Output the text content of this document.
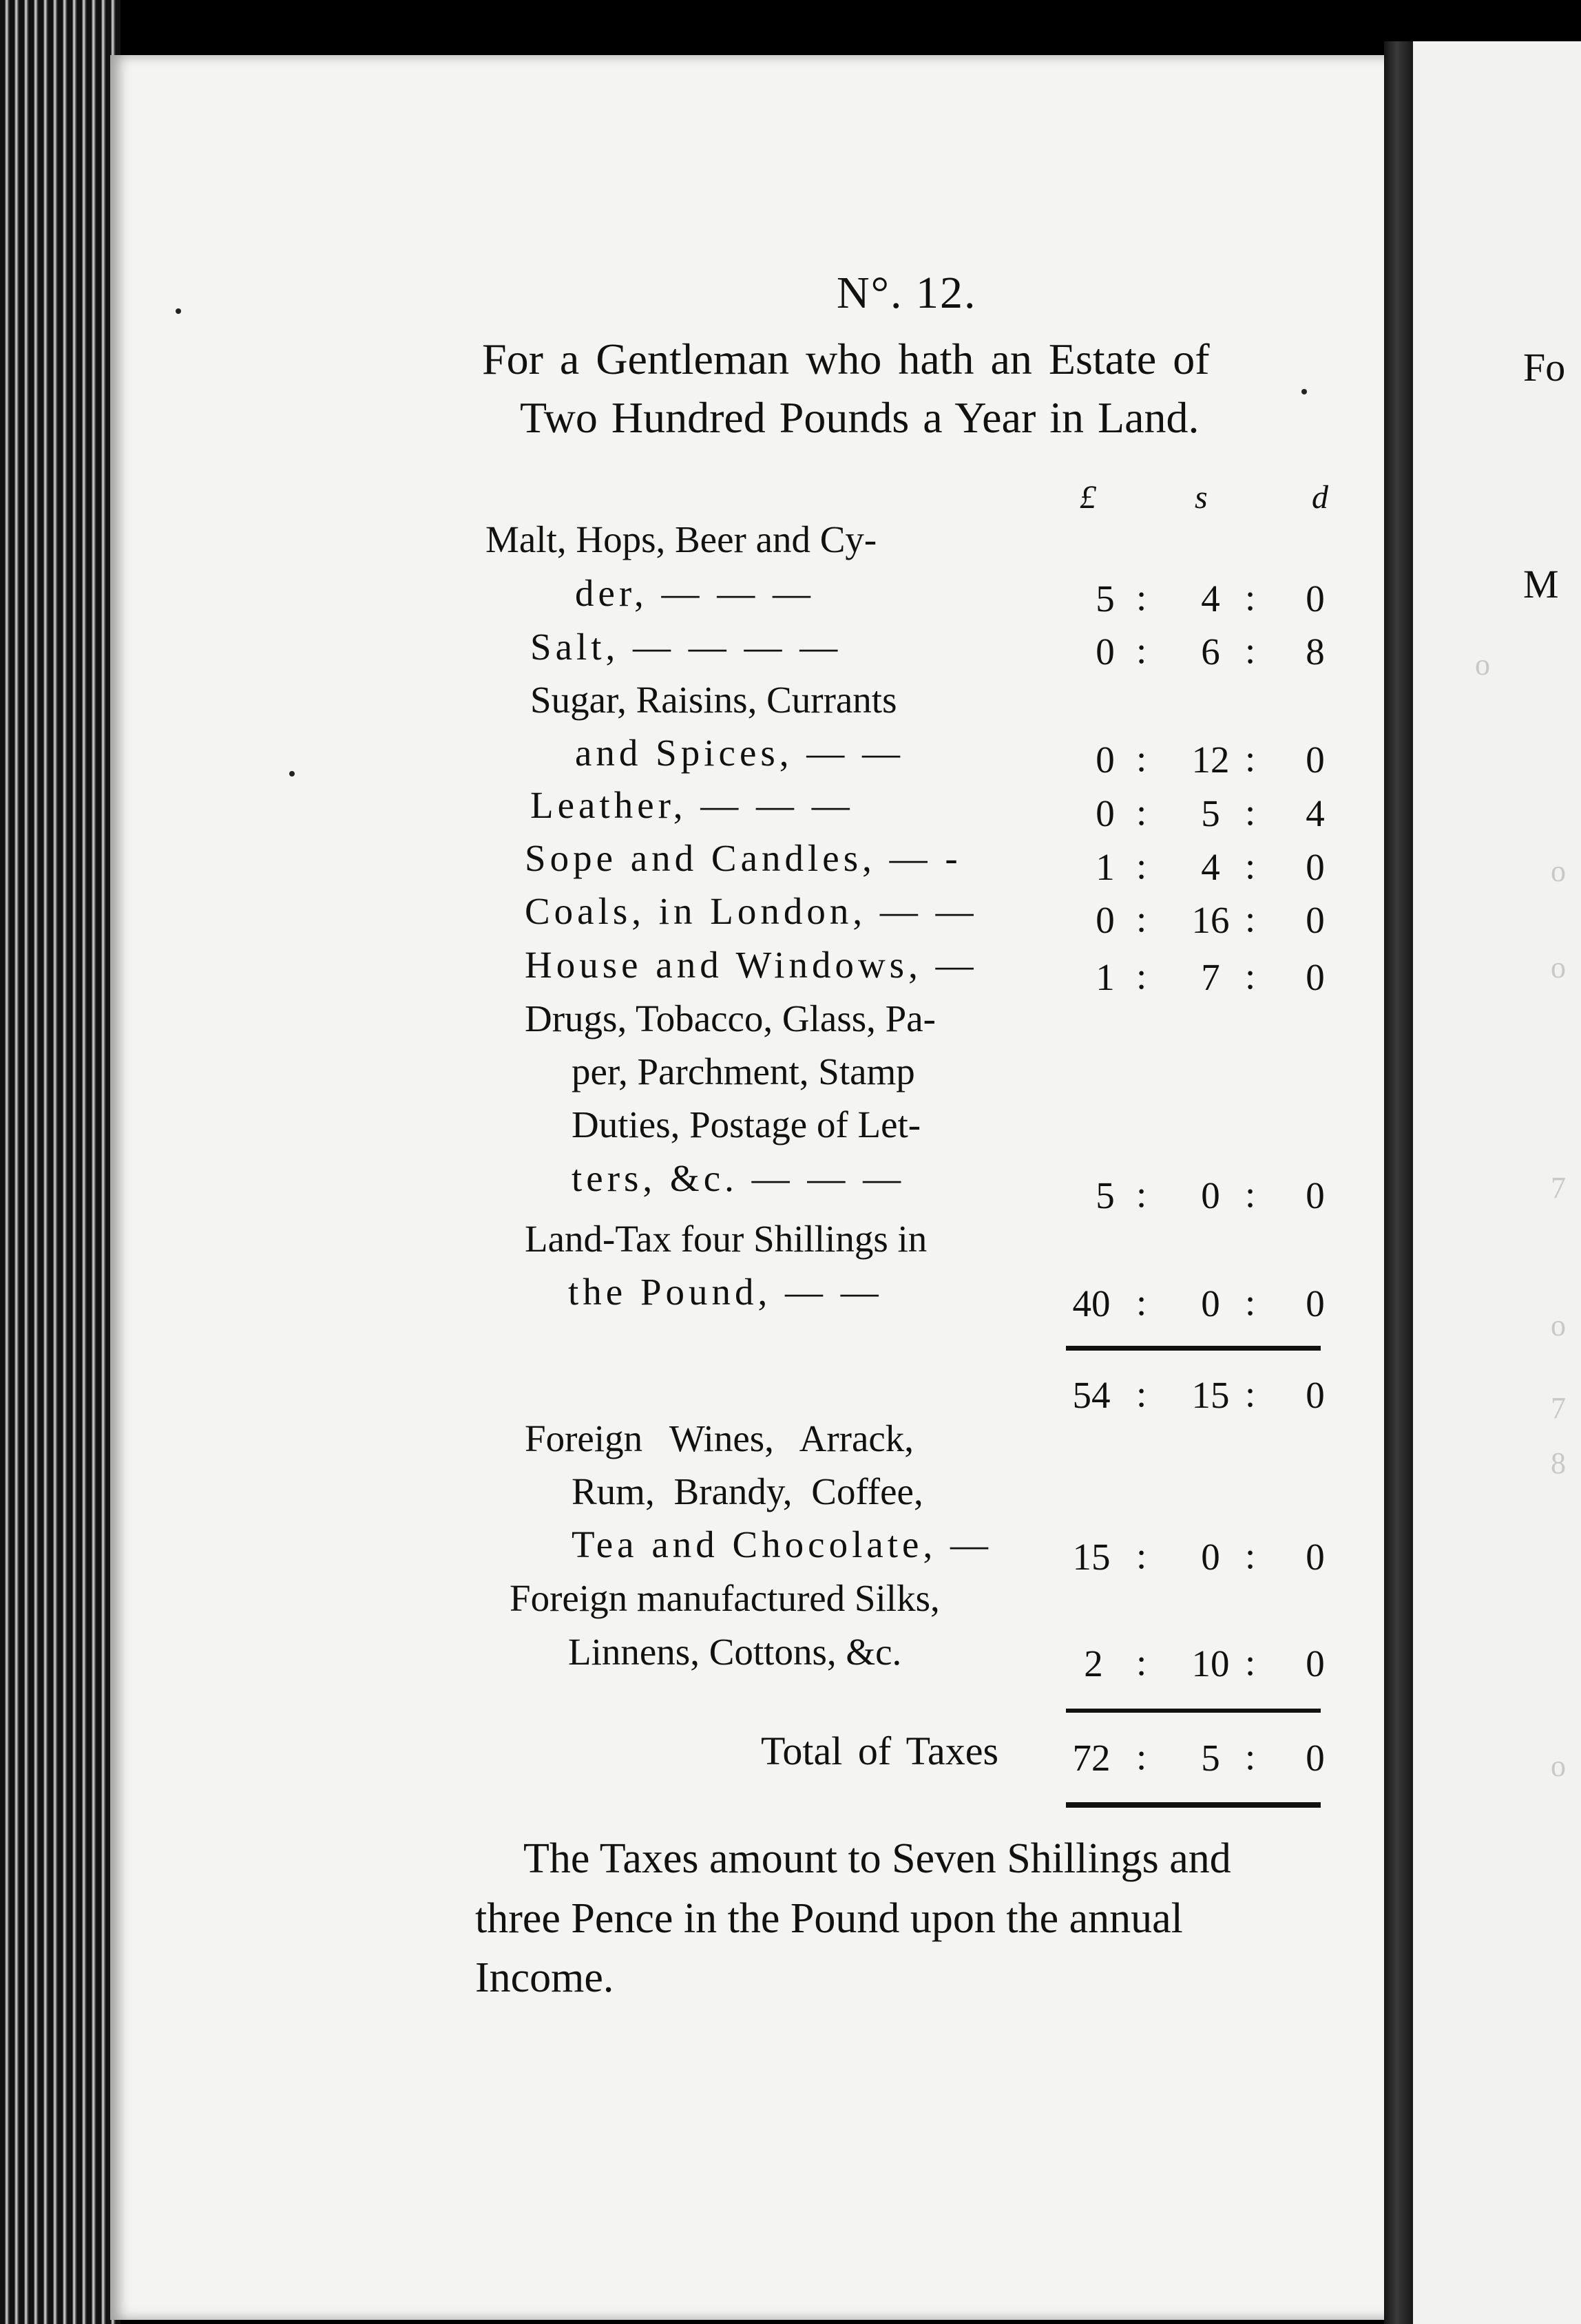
Fo
M
o
o
o
7
o
7
8
o
N°. 12.
For a Gentleman who hath an Estate of
Two Hundred Pounds a Year in Land.
£	s	d
Malt, Hops, Beer and Cy-
der, — — —	5 :	4 :	0
Salt, — — — —	0 :	6 :	8
Sugar, Raisins, Currants
and Spices, — —	0 : 12 :	0
Leather, — — —	0 :	5 :	4
Sope and Candles, — -	1 :	4 :	0
Coals, in London, — —	0 : 16 :	0
House and Windows, —	1 :	7 :	0
Drugs, Tobacco, Glass, Pa-
per, Parchment, Stamp
Duties, Postage of Let-
ters, &c. — — —	5 :	0 :	0
Land-Tax four Shillings in
the Pound, — —	40 :	0 :	0
54 : 15 :	0
Foreign Wines, Arrack,
Rum, Brandy, Coffee,
Tea and Chocolate, — 15 :	0 :	0
Foreign manufactured Silks,
Linnens, Cottons, &c.	2 : 10 :	0
Total of Taxes 72 :	5 :	0
The Taxes amount to Seven Shillings and
three Pence in the Pound upon the annual
Income.
